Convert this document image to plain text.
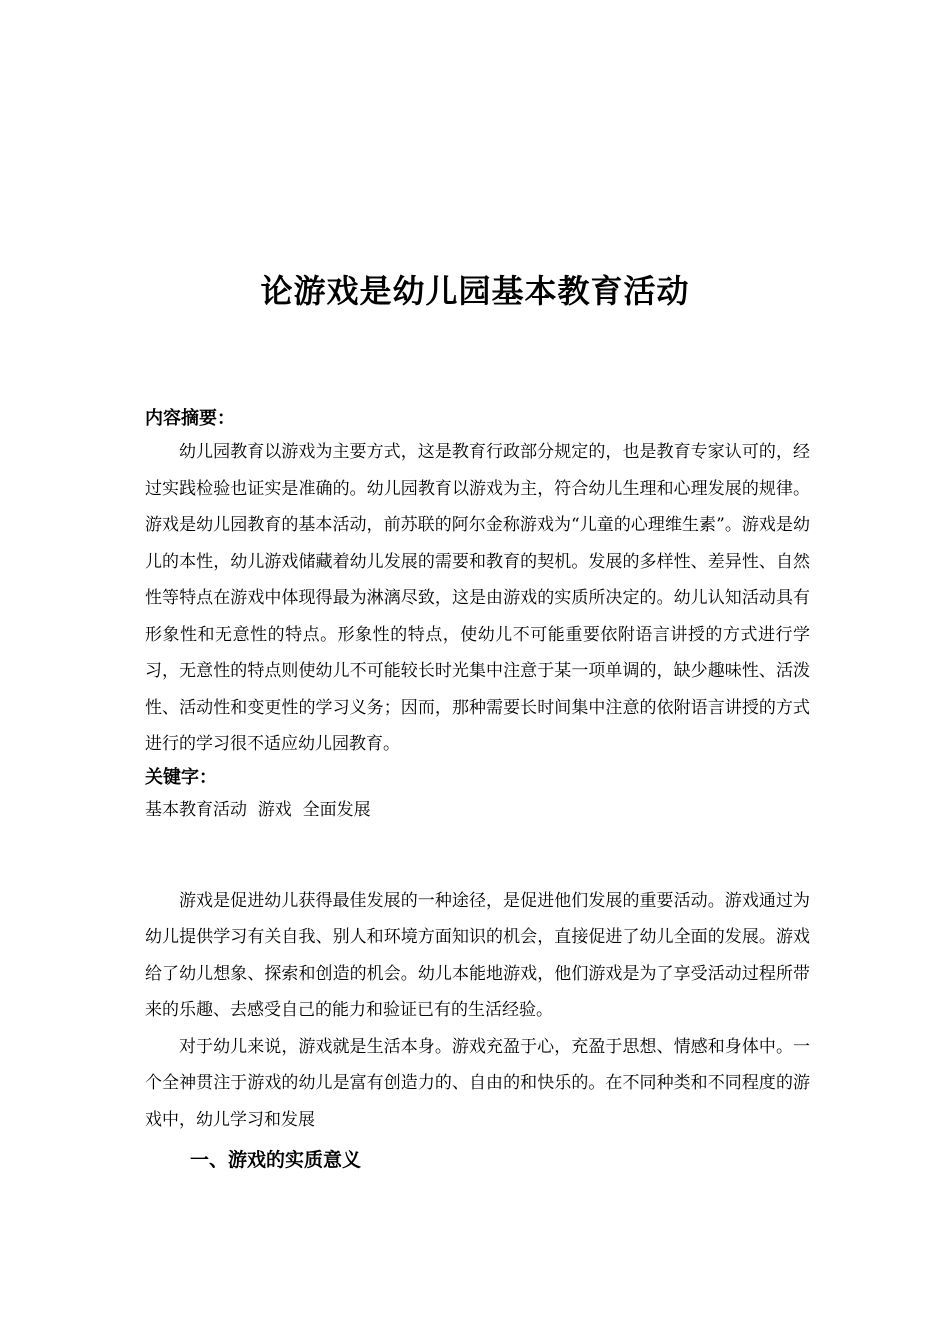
论游戏是幼儿园基本教育活动

内容摘要：

幼儿园教育以游戏为主要方式，这是教育行政部分规定的，也是教育专家认可的，经过实践检验也证实是准确的。幼儿园教育以游戏为主，符合幼儿生理和心理发展的规律。游戏是幼儿园教育的基本活动，前苏联的阿尔金称游戏为“儿童的心理维生素”。游戏是幼儿的本性，幼儿游戏储藏着幼儿发展的需要和教育的契机。发展的多样性、差异性、自然性等特点在游戏中体现得最为淋漓尽致，这是由游戏的实质所决定的。幼儿认知活动具有形象性和无意性的特点。形象性的特点，使幼儿不可能重要依附语言讲授的方式进行学习，无意性的特点则使幼儿不可能较长时光集中注意于某一项单调的，缺少趣味性、活泼性、活动性和变更性的学习义务；因而，那种需要长时间集中注意的依附语言讲授的方式进行的学习很不适应幼儿园教育。

关键字：

基本教育活动  游戏  全面发展

游戏是促进幼儿获得最佳发展的一种途径，是促进他们发展的重要活动。游戏通过为幼儿提供学习有关自我、别人和环境方面知识的机会，直接促进了幼儿全面的发展。游戏给了幼儿想象、探索和创造的机会。幼儿本能地游戏，他们游戏是为了享受活动过程所带来的乐趣、去感受自己的能力和验证已有的生活经验。

对于幼儿来说，游戏就是生活本身。游戏充盈于心，充盈于思想、情感和身体中。一个全神贯注于游戏的幼儿是富有创造力的、自由的和快乐的。在不同种类和不同程度的游戏中，幼儿学习和发展

一、游戏的实质意义
